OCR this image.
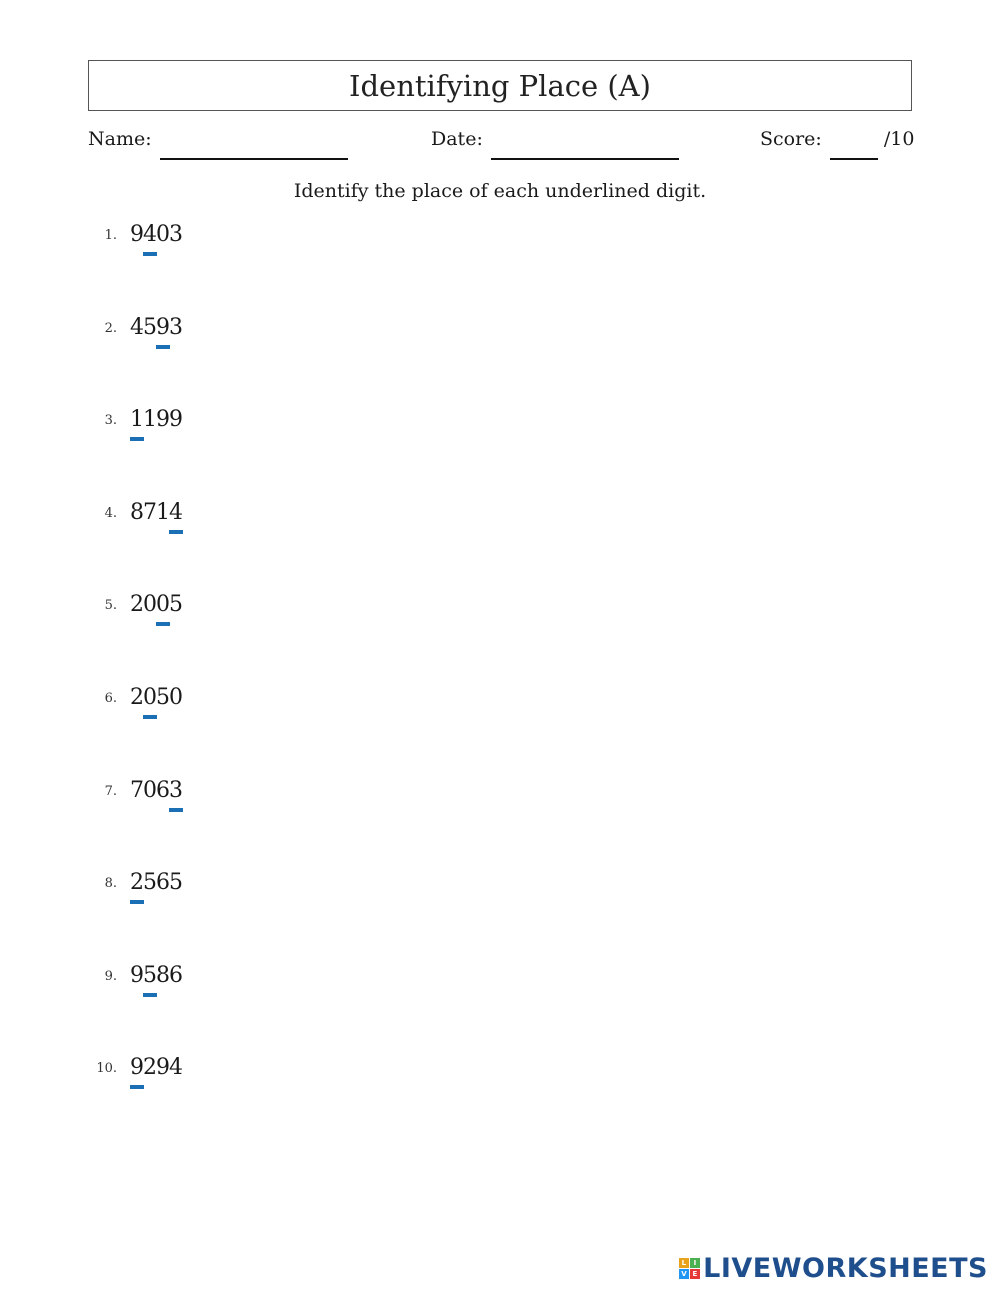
Identifying Place (A)
Name:	Date:	Score:	/10
Identify the place of each underlined digit.
1. 9 4 0 3
2. 4 5 9 3
3. 1 1 9 9
4. 8 7 1 4
5. 2 0 0 5
6. 2 0 5 0
7. 7 0 6 3
8. 2 5 6 5
9. 9 5 8 6
10. 9 2 9 4
L I
V E LIVEWORKSHEETS
